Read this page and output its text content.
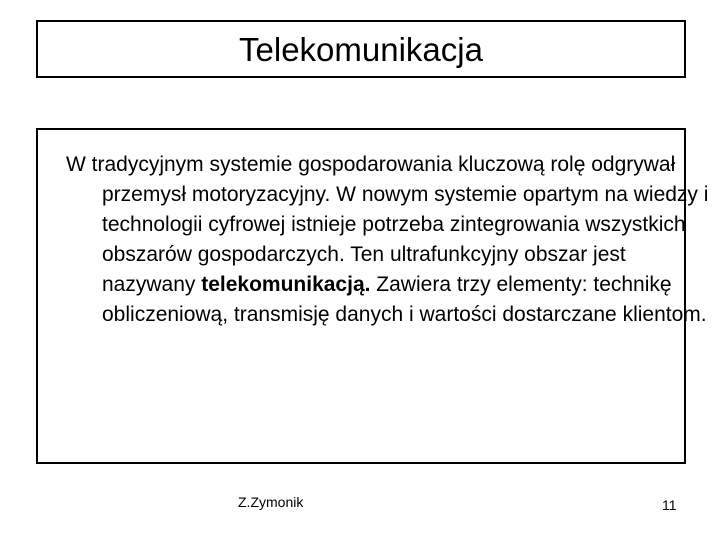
Telekomunikacja

W tradycyjnym systemie gospodarowania kluczową rolę odgrywał przemysł motoryzacyjny. W nowym systemie opartym na wiedzy i technologii cyfrowej istnieje potrzeba zintegrowania wszystkich obszarów gospodarczych. Ten ultrafunkcyjny obszar jest nazywany telekomunikacją. Zawiera trzy elementy: technikę obliczeniową, transmisję danych i wartości dostarczane klientom.

Z.Zymonik	11
